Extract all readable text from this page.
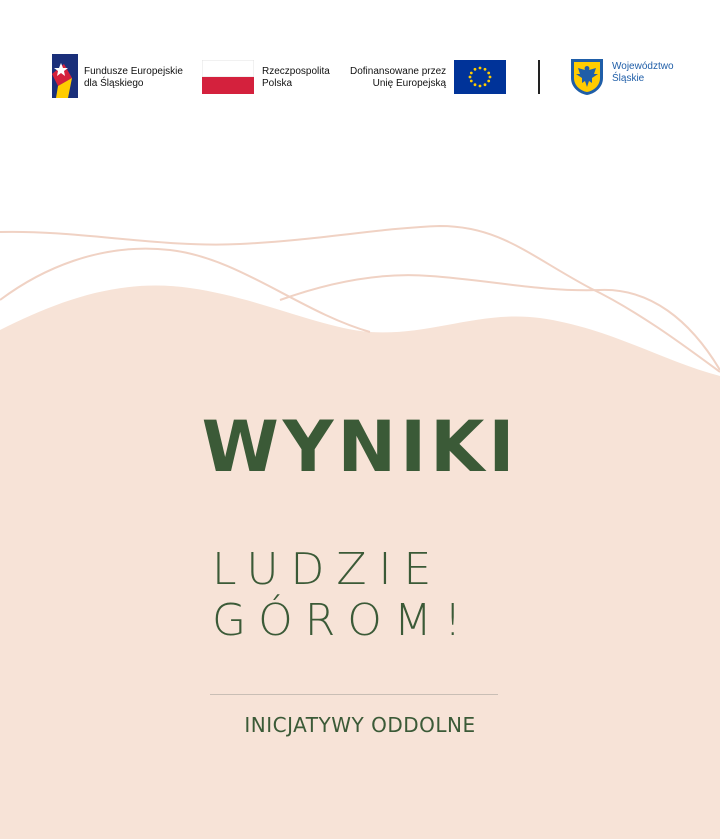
Fundusze Europejskie
dla Śląskiego
Rzeczpospolita
Polska
Dofinansowane przez
Unię Europejską
Województwo
Śląskie
WYNIKI
LUDZIE
GÓROM!
INICJATYWY ODDOLNE
